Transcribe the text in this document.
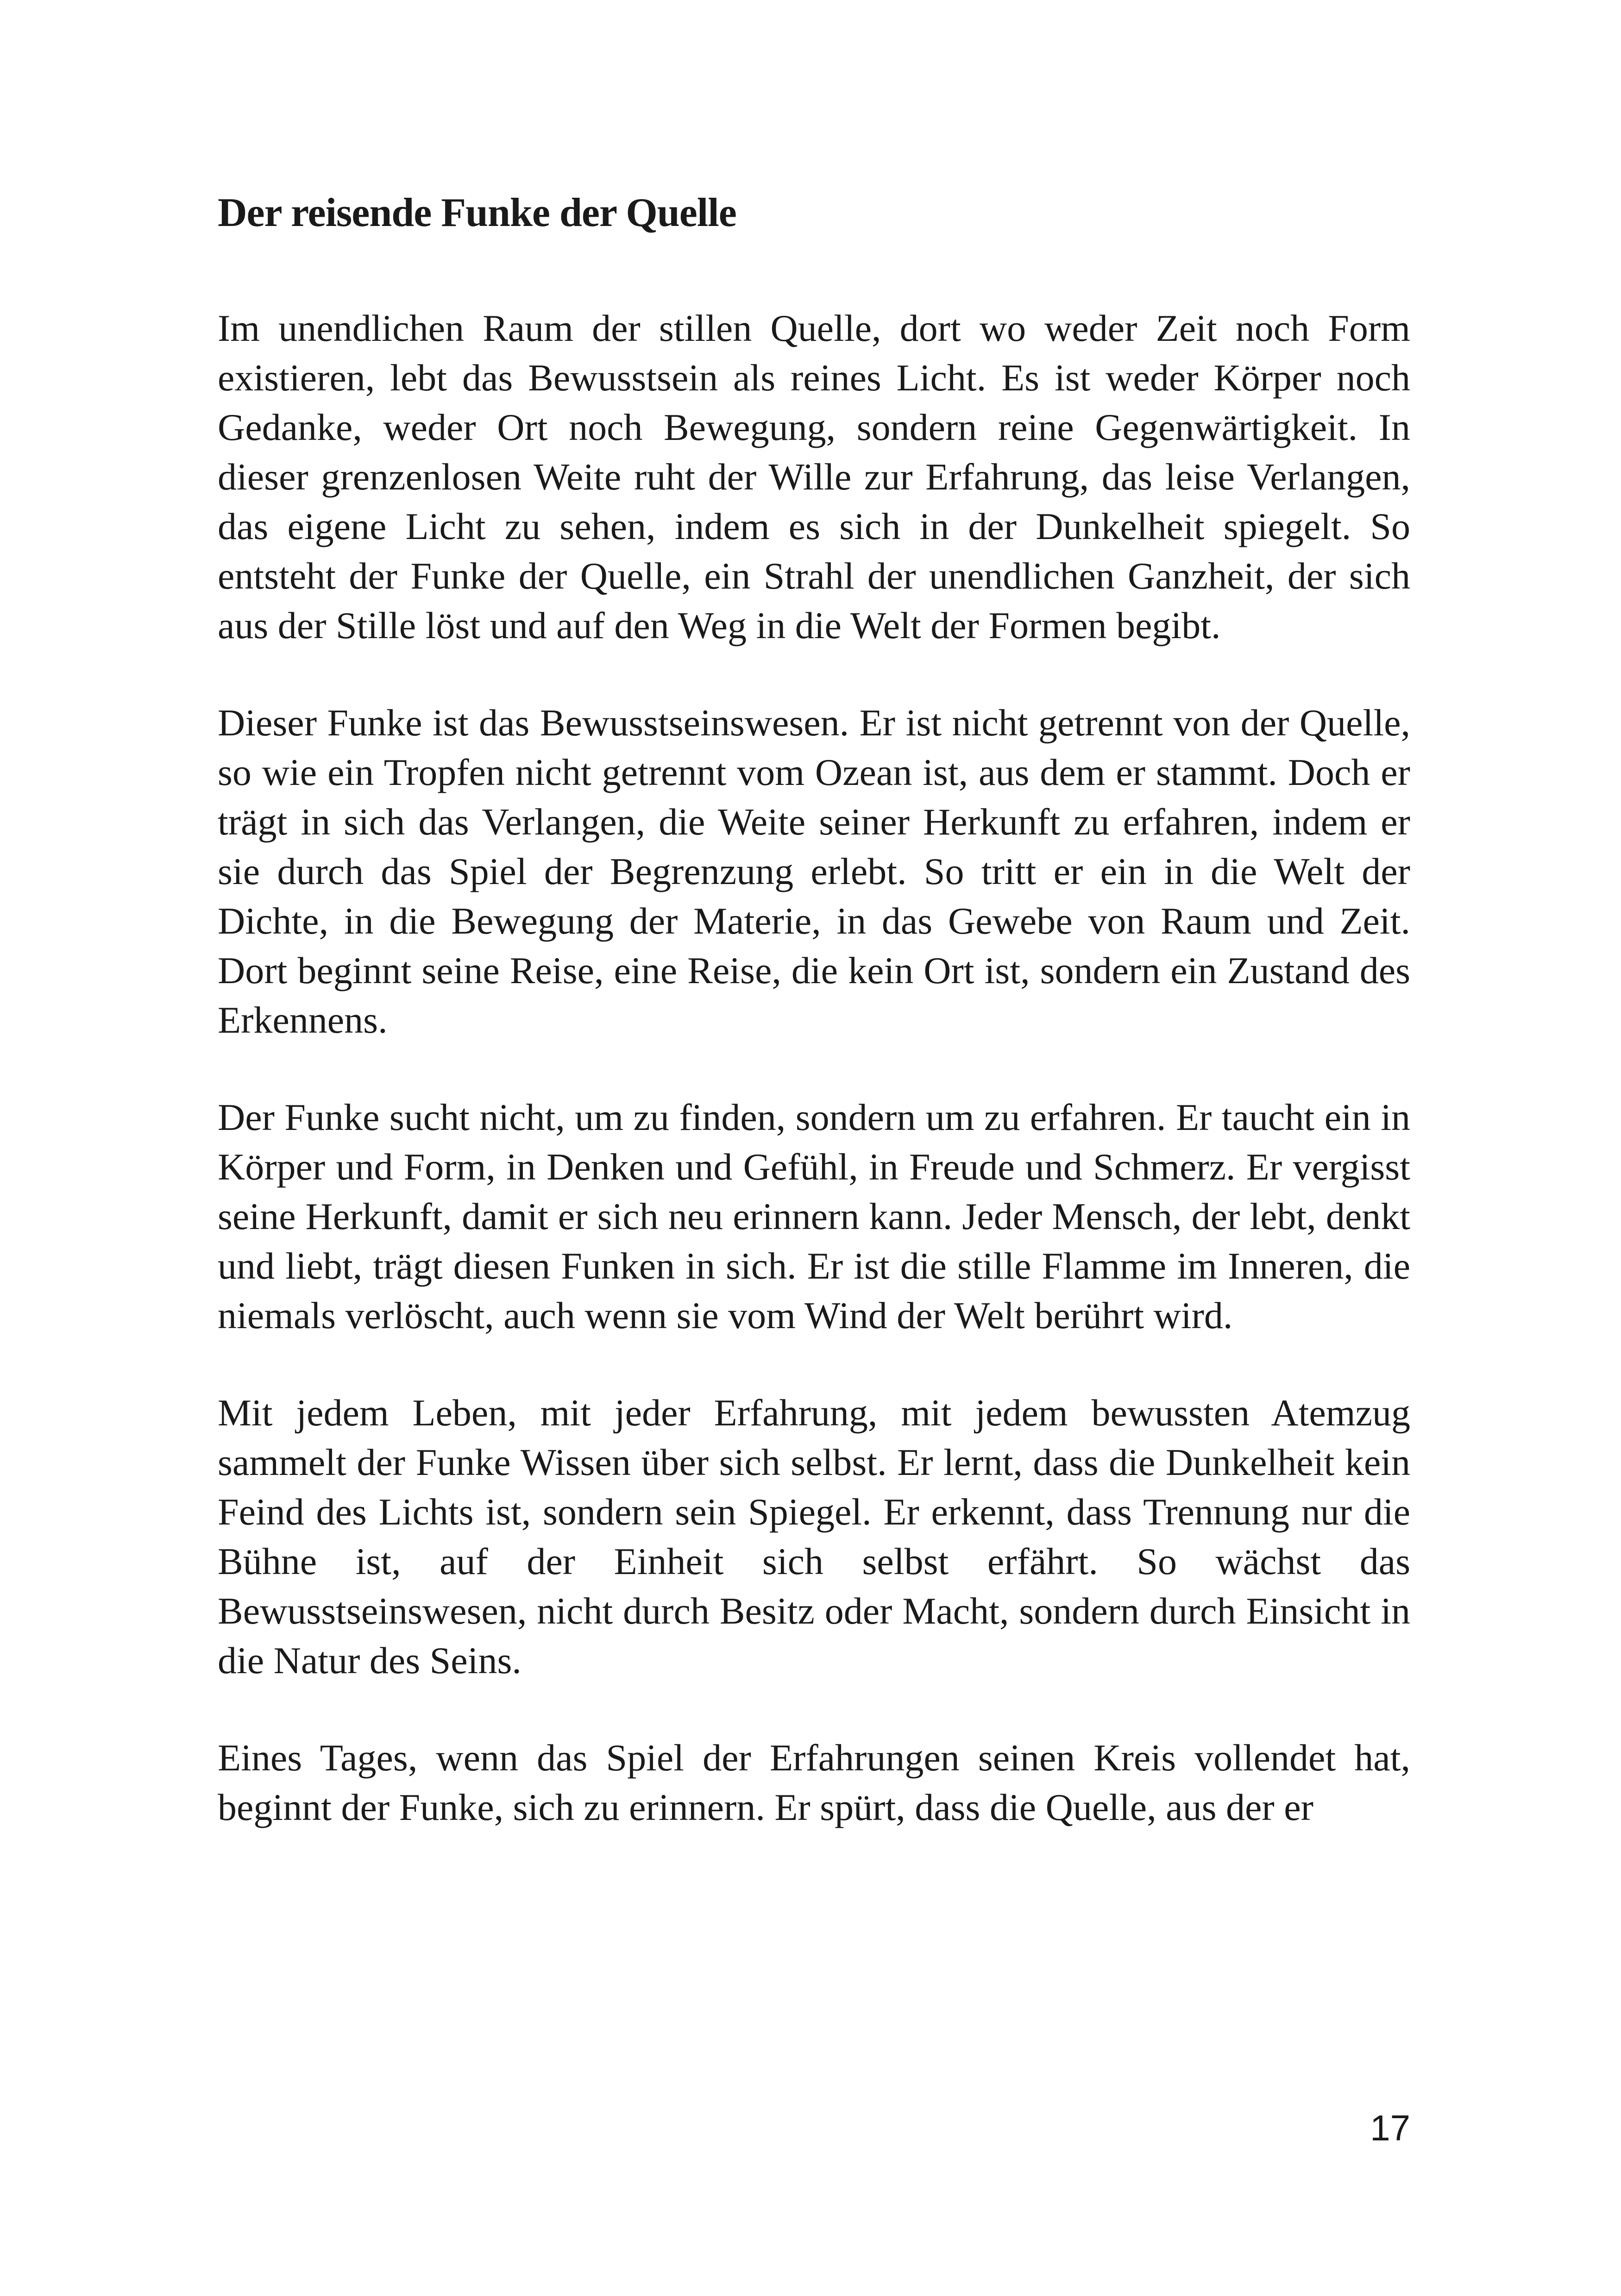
Der reisende Funke der Quelle

Im unendlichen Raum der stillen Quelle, dort wo weder Zeit noch Form existieren, lebt das Bewusstsein als reines Licht. Es ist weder Körper noch Gedanke, weder Ort noch Bewegung, sondern reine Gegenwärtigkeit. In dieser grenzenlosen Weite ruht der Wille zur Erfahrung, das leise Verlangen, das eigene Licht zu sehen, indem es sich in der Dunkelheit spiegelt. So entsteht der Funke der Quelle, ein Strahl der unendlichen Ganzheit, der sich aus der Stille löst und auf den Weg in die Welt der Formen begibt.

Dieser Funke ist das Bewusstseinswesen. Er ist nicht getrennt von der Quelle, so wie ein Tropfen nicht getrennt vom Ozean ist, aus dem er stammt. Doch er trägt in sich das Verlangen, die Weite seiner Herkunft zu erfahren, indem er sie durch das Spiel der Begrenzung erlebt. So tritt er ein in die Welt der Dichte, in die Bewegung der Materie, in das Gewebe von Raum und Zeit. Dort beginnt seine Reise, eine Reise, die kein Ort ist, sondern ein Zustand des Erkennens.

Der Funke sucht nicht, um zu finden, sondern um zu erfahren. Er taucht ein in Körper und Form, in Denken und Gefühl, in Freude und Schmerz. Er vergisst seine Herkunft, damit er sich neu erinnern kann. Jeder Mensch, der lebt, denkt und liebt, trägt diesen Funken in sich. Er ist die stille Flamme im Inneren, die niemals verlöscht, auch wenn sie vom Wind der Welt berührt wird.

Mit jedem Leben, mit jeder Erfahrung, mit jedem bewussten Atemzug sammelt der Funke Wissen über sich selbst. Er lernt, dass die Dunkelheit kein Feind des Lichts ist, sondern sein Spiegel. Er erkennt, dass Trennung nur die Bühne ist, auf der Einheit sich selbst erfährt. So wächst das Bewusstseinswesen, nicht durch Besitz oder Macht, sondern durch Einsicht in die Natur des Seins.

Eines Tages, wenn das Spiel der Erfahrungen seinen Kreis vollendet hat, beginnt der Funke, sich zu erinnern. Er spürt, dass die Quelle, aus der er

17
